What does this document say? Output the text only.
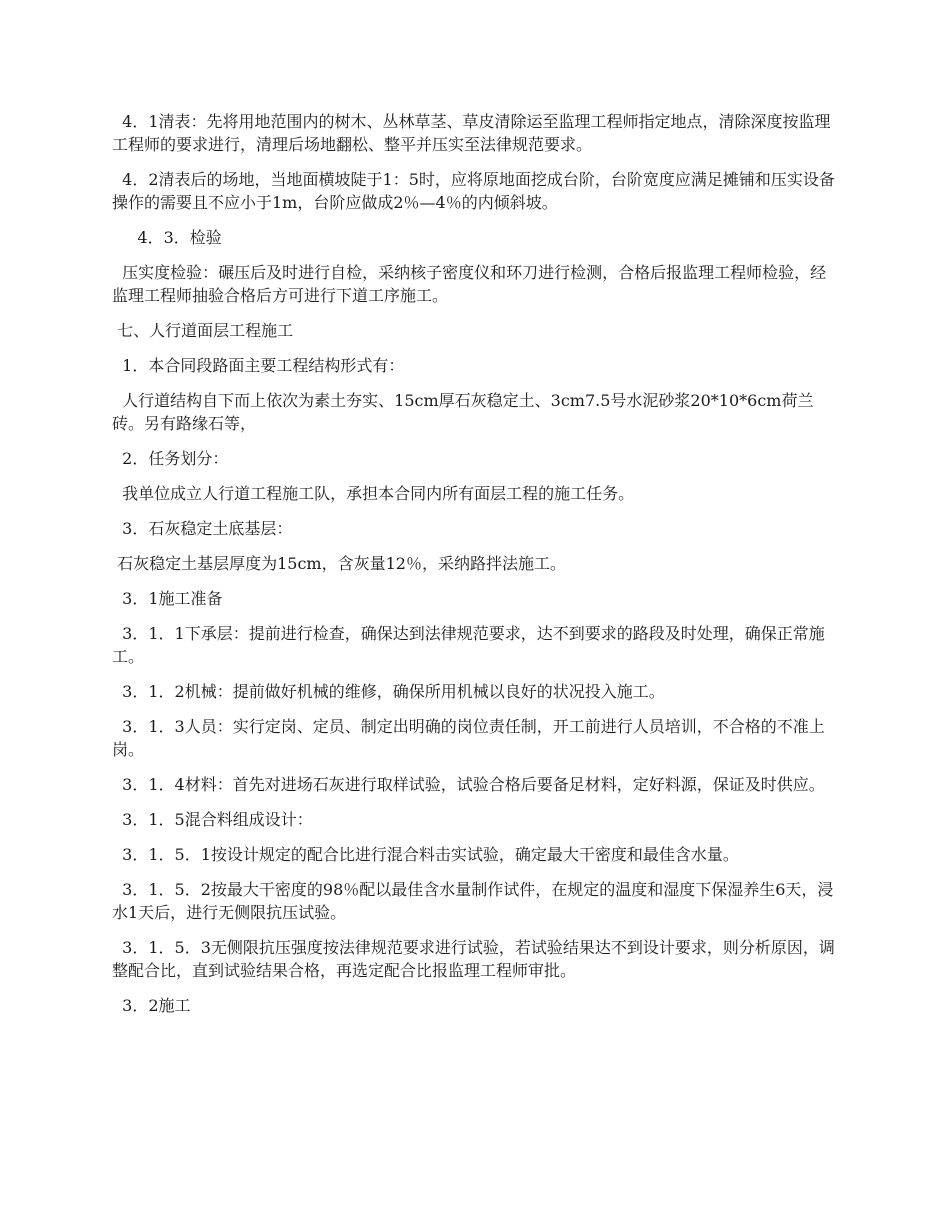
4．1清表：先将用地范围内的树木、丛林草茎、草皮清除运至监理工程师指定地点，清除深度按监理工程师的要求进行，清理后场地翻松、整平并压实至法律规范要求。

4．2清表后的场地，当地面横坡陡于1：5时，应将原地面挖成台阶，台阶宽度应满足摊铺和压实设备操作的需要且不应小于1m，台阶应做成2％—4％的内倾斜坡。

4．3．检验

压实度检验：碾压后及时进行自检，采纳核子密度仪和环刀进行检测，合格后报监理工程师检验，经监理工程师抽验合格后方可进行下道工序施工。

七、人行道面层工程施工

1．本合同段路面主要工程结构形式有：

人行道结构自下而上依次为素土夯实、15cm厚石灰稳定土、3cm7.5号水泥砂浆20*10*6cm荷兰砖。另有路缘石等，

2．任务划分：

我单位成立人行道工程施工队，承担本合同内所有面层工程的施工任务。

3．石灰稳定土底基层：

石灰稳定土基层厚度为15cm，含灰量12％，采纳路拌法施工。

3．1施工准备

3．1．1下承层：提前进行检查，确保达到法律规范要求，达不到要求的路段及时处理，确保正常施工。

3．1．2机械：提前做好机械的维修，确保所用机械以良好的状况投入施工。

3．1．3人员：实行定岗、定员、制定出明确的岗位责任制，开工前进行人员培训，不合格的不准上岗。

3．1．4材料：首先对进场石灰进行取样试验，试验合格后要备足材料，定好料源，保证及时供应。

3．1．5混合料组成设计：

3．1．5．1按设计规定的配合比进行混合料击实试验，确定最大干密度和最佳含水量。

3．1．5．2按最大干密度的98％配以最佳含水量制作试件，在规定的温度和湿度下保湿养生6天，浸水1天后，进行无侧限抗压试验。

3．1．5．3无侧限抗压强度按法律规范要求进行试验，若试验结果达不到设计要求，则分析原因，调整配合比，直到试验结果合格，再选定配合比报监理工程师审批。

3．2施工
